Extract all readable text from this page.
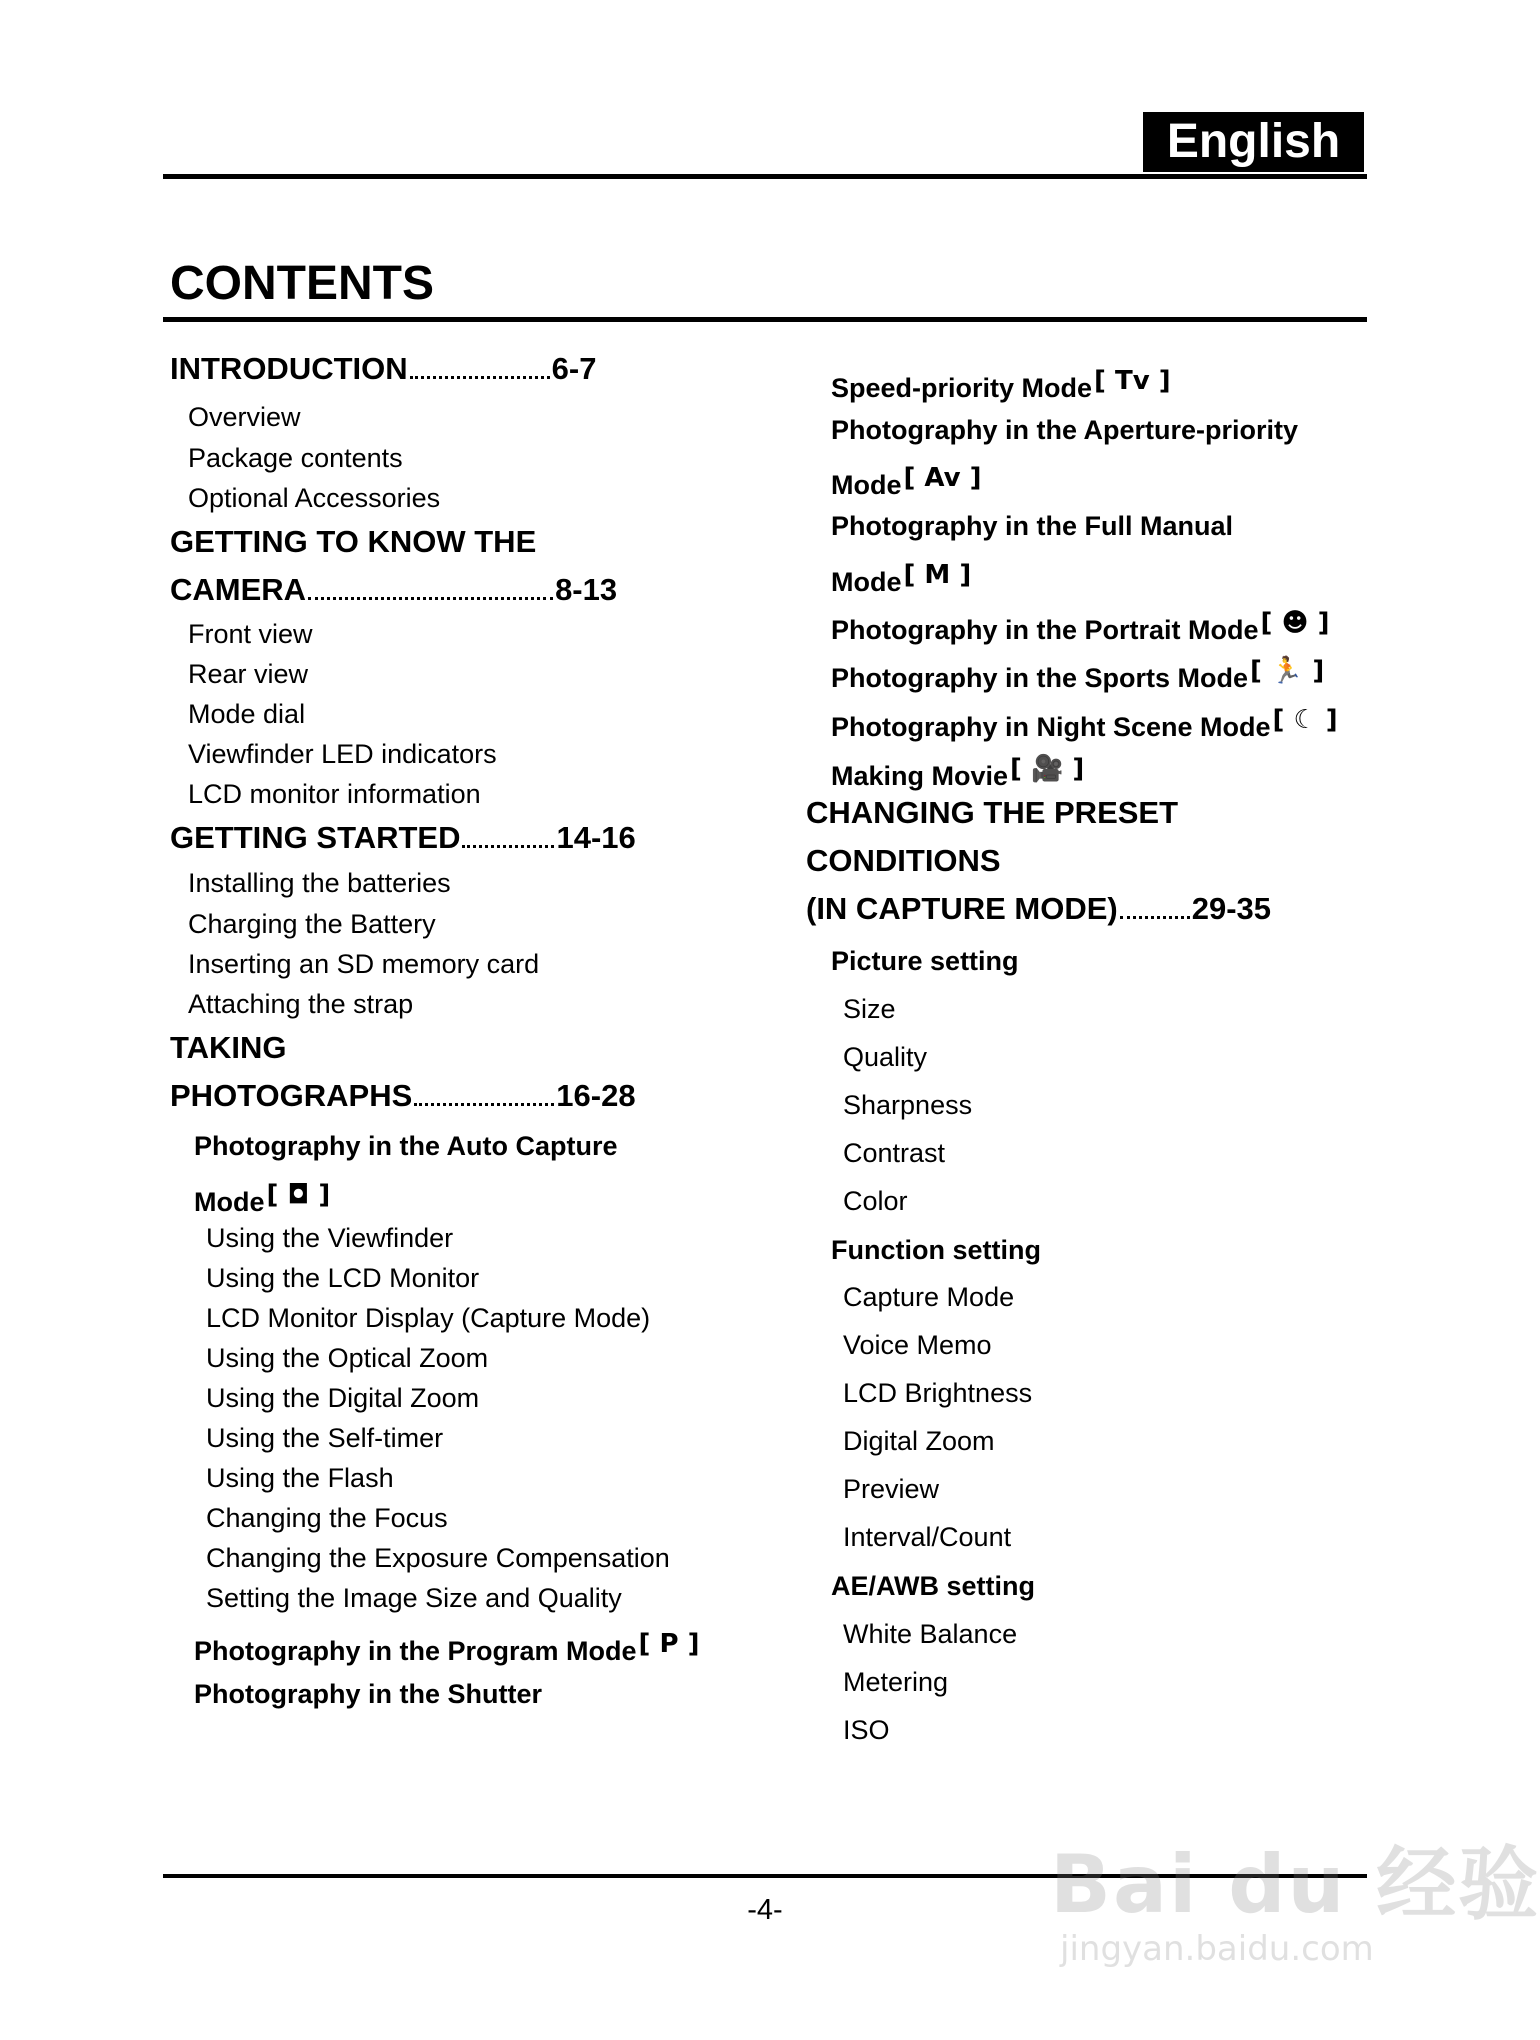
English
CONTENTS
INTRODUCTION	6-7
Overview
Package contents
Optional Accessories
GETTING TO KNOW THE
CAMERA	8-13
Front view
Rear view
Mode dial
Viewfinder LED indicators
LCD monitor information
GETTING STARTED	14-16
Installing the batteries
Charging the Battery
Inserting an SD memory card
Attaching the strap
TAKING
PHOTOGRAPHS	16-28
Photography in the Auto Capture
Mode[ ◘ ]
Using the Viewfinder
Using the LCD Monitor
LCD Monitor Display (Capture Mode)
Using the Optical Zoom
Using the Digital Zoom
Using the Self-timer
Using the Flash
Changing the Focus
Changing the Exposure Compensation
Setting the Image Size and Quality
Photography in the Program Mode[ P ]
Photography in the Shutter
Speed-priority Mode[ Tv ]
Photography in the Aperture-priority
Mode[ Av ]
Photography in the Full Manual
Mode[ M ]
Photography in the Portrait Mode[ ☻ ]
Photography in the Sports Mode[ 🏃 ]
Photography in Night Scene Mode[ ☾ ]
Making Movie[ 🎥 ]
CHANGING THE PRESET
CONDITIONS
(IN CAPTURE MODE) 29-35
Picture setting
Size
Quality
Sharpness
Contrast
Color
Function setting
Capture Mode
Voice Memo
LCD Brightness
Digital Zoom
Preview
Interval/Count
AE/AWB setting
White Balance
Metering
ISO
-4-	Bai du 经验
jingyan.baidu.com
